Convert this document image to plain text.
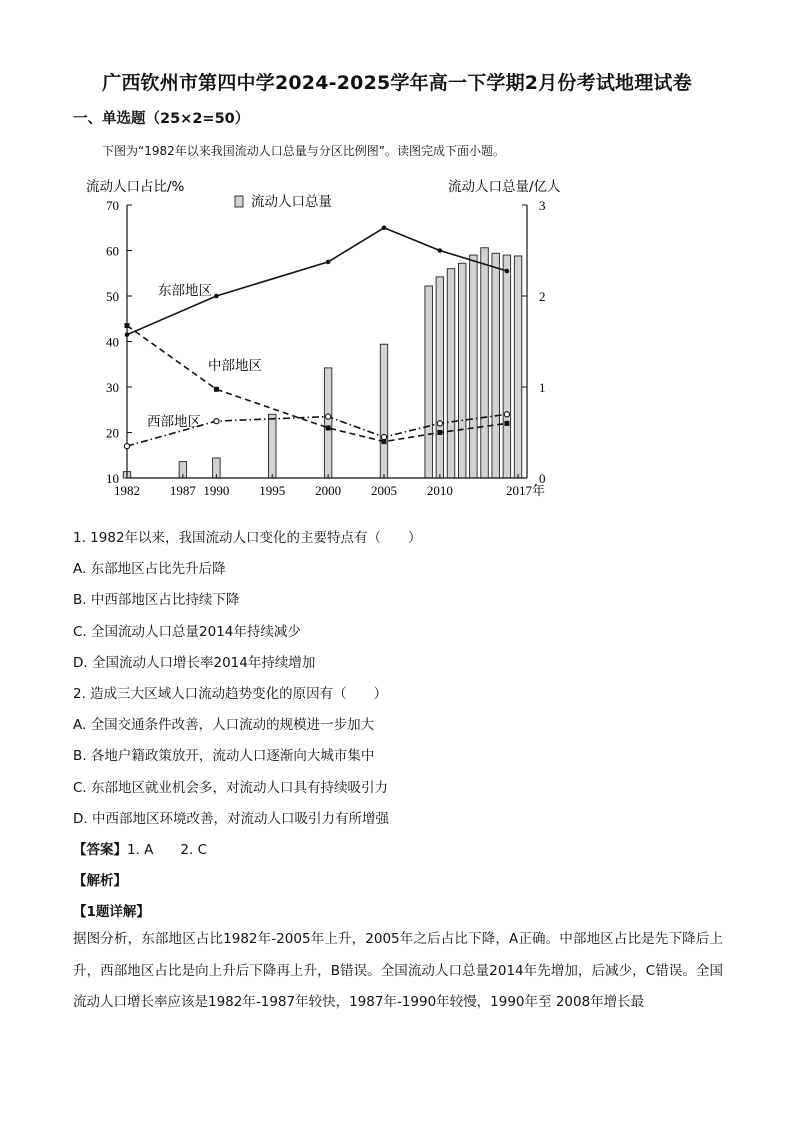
广西钦州市第四中学2024-2025学年高一下学期2月份考试地理试卷
一、单选题（25×2=50）
下图为“1982年以来我国流动人口总量与分区比例图”。读图完成下面小题。
10
20
30
40
50
60
70
0
1
2
3
1982 1987 1990 1995 2000 2005 2010	2017年
流动人口占比/%	流动人口总量/亿人
流动人口总量
东部地区
中部地区
西部地区
1. 1982年以来，我国流动人口变化的主要特点有（　　）
A. 东部地区占比先升后降
B. 中西部地区占比持续下降
C. 全国流动人口总量2014年持续减少
D. 全国流动人口增长率2014年持续增加
2. 造成三大区域人口流动趋势变化的原因有（　　）
A. 全国交通条件改善，人口流动的规模进一步加大
B. 各地户籍政策放开，流动人口逐渐向大城市集中
C. 东部地区就业机会多，对流动人口具有持续吸引力
D. 中西部地区环境改善，对流动人口吸引力有所增强
【答案】1. A　　2. C
【解析】
【1题详解】
据图分析，东部地区占比1982年-2005年上升，2005年之后占比下降，A正确。中部地区占比是先下降后上升，西部地区占比是向上升后下降再上升，B错误。全国流动人口总量2014年先增加，后减少，C错误。全国流动人口增长率应该是1982年-1987年较快，1987年-1990年较慢，1990年至 2008年增长最
